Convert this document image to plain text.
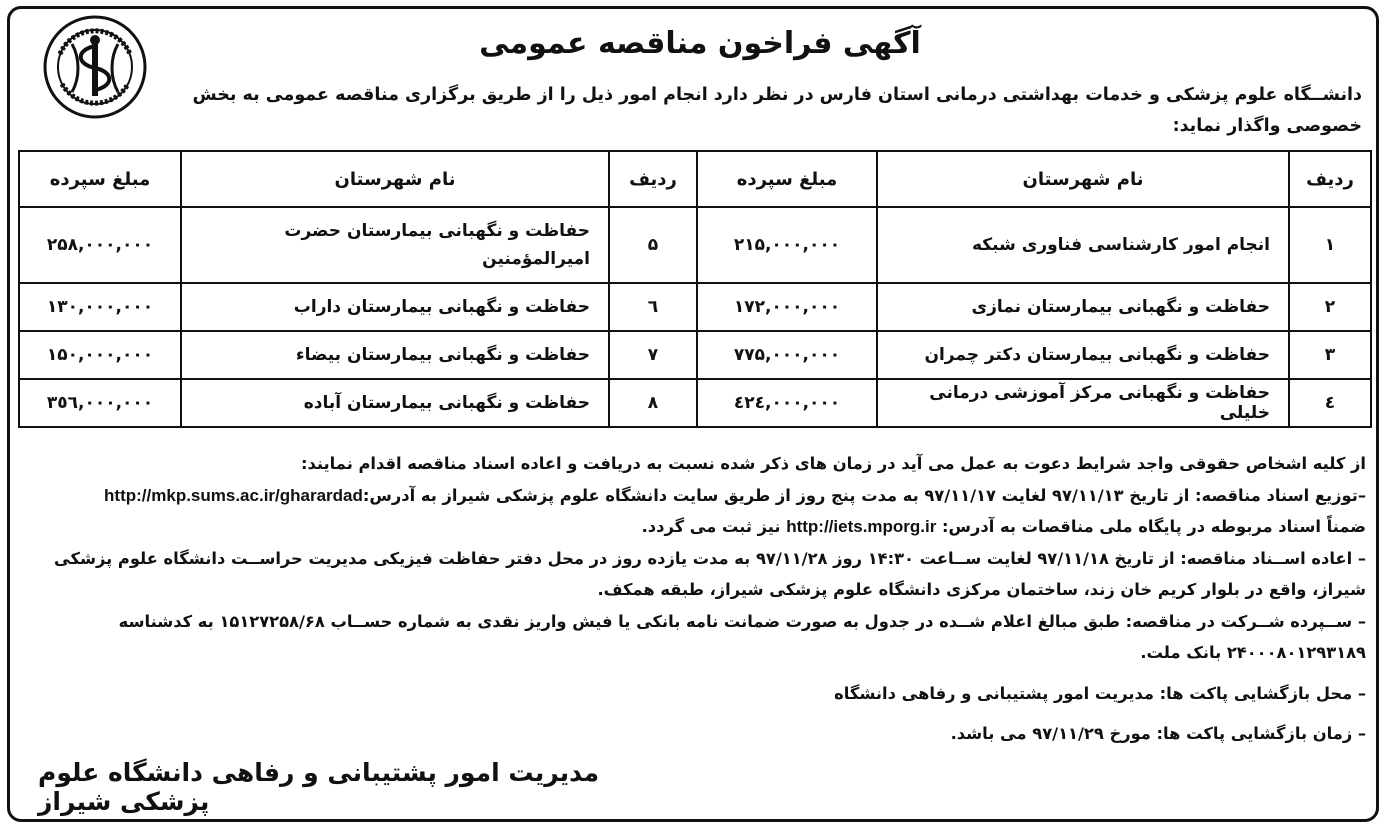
آگهی فراخون مناقصه عمومی
دانشــگاه علوم پزشکی و خدمات بهداشتی درمانی استان فارس در نظر دارد انجام امور ذیل را از طریق برگزاری مناقصه عمومی به بخش خصوصی واگذار نماید:
ردیف	نام شهرستان	مبلغ سپرده	ردیف	نام شهرستان	مبلغ سپرده
۱	انجام امور کارشناسی فناوری شبکه	۲۱۵,۰۰۰,۰۰۰	۵	حفاظت و نگهبانی بیمارستان حضرت امیرالمؤمنین	۲۵۸,۰۰۰,۰۰۰
۲	حفاظت و نگهبانی بیمارستان نمازی	۱۷۲,۰۰۰,۰۰۰	٦	حفاظت و نگهبانی بیمارستان داراب	۱۳۰,۰۰۰,۰۰۰
۳	حفاظت و نگهبانی بیمارستان دکتر چمران	۷۷۵,۰۰۰,۰۰۰	۷	حفاظت و نگهبانی بیمارستان بیضاء	۱۵۰,۰۰۰,۰۰۰
٤	حفاظت و نگهبانی مرکز آموزشی درمانی خلیلی	٤۲٤,۰۰۰,۰۰۰	۸	حفاظت و نگهبانی بیمارستان آباده	۳٥٦,۰۰۰,۰۰۰

از کلیه اشخاص حقوقی واجد شرایط دعوت به عمل می آید در زمان های ذکر شده نسبت به دریافت و اعاده اسناد مناقصه اقدام نمایند:

–توزیع اسناد مناقصه: از تاریخ ۹۷/۱۱/۱۳ لغایت ۹۷/۱۱/۱۷ به مدت پنج روز از طریق سایت دانشگاه علوم پزشکی شیراز به آدرس:http://mkp.sums.ac.ir/gharardad

ضمناً اسناد مربوطه در پایگاه ملی مناقصات به آدرس: http://iets.mporg.ir نیز ثبت می گردد.

– اعاده اســناد مناقصه: از تاریخ ۹۷/۱۱/۱۸ لغایت ســاعت ۱۴:۳۰ روز ۹۷/۱۱/۲۸ به مدت یازده روز در محل دفتر حفاظت فیزیکی مدیریت حراســت دانشگاه علوم پزشکی شیراز، واقع در بلوار کریم خان زند، ساختمان مرکزی دانشگاه علوم پزشکی شیراز، طبقه همکف.

– ســپرده شــرکت در مناقصه: طبق مبالغ اعلام شــده در جدول به صورت ضمانت نامه بانکی یا فیش واریز نقدی به شماره حســاب ۱۵۱۲۷۲۵۸/۶۸ به کدشناسه ۲۴۰۰۰۸۰۱۲۹۳۱۸۹ بانک ملت.

– محل بازگشایی پاکت ها: مدیریت امور پشتیبانی و رفاهی دانشگاه

– زمان بازگشایی پاکت ها: مورخ ۹۷/۱۱/۲۹ می باشد.

مدیریت امور پشتیبانی و رفاهی دانشگاه علوم پزشکی شیراز
